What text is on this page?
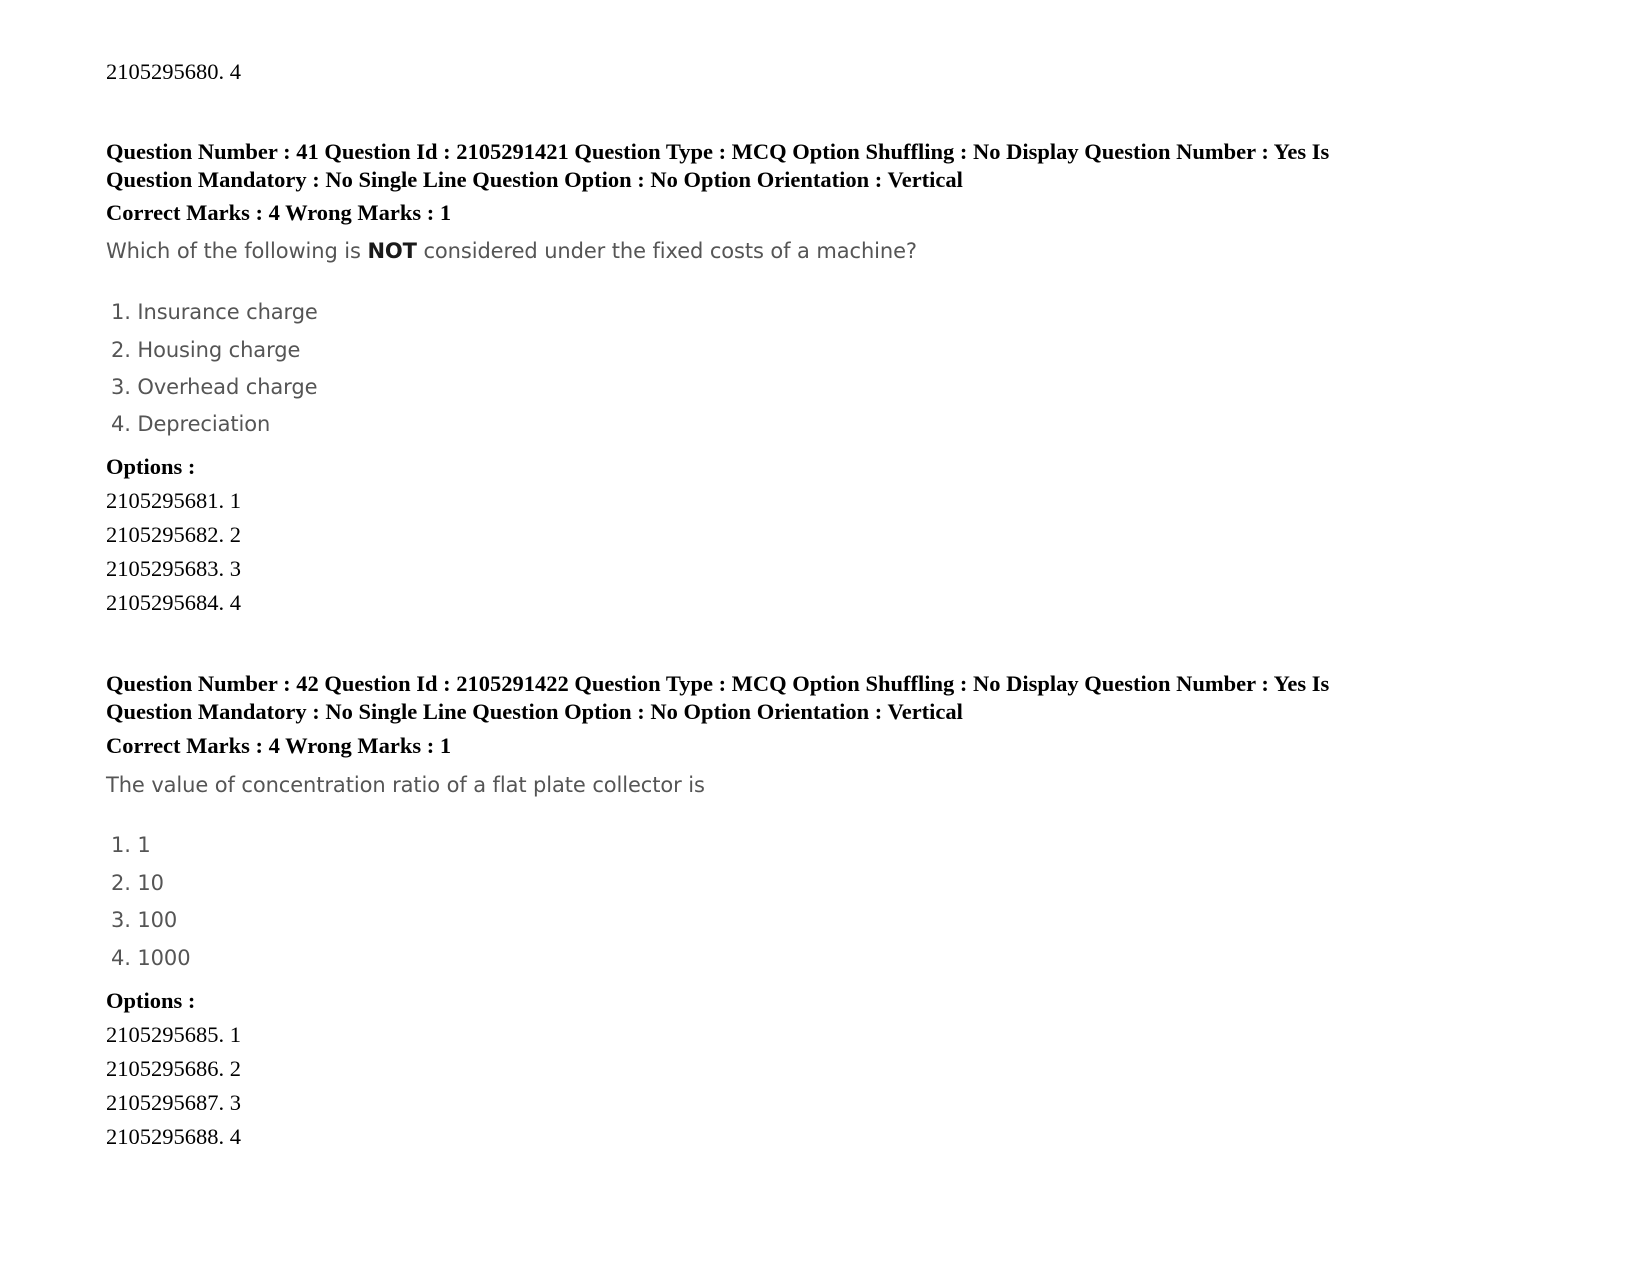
2105295680. 4
Question Number : 41 Question Id : 2105291421 Question Type : MCQ Option Shuffling : No Display Question Number : Yes Is
Question Mandatory : No Single Line Question Option : No Option Orientation : Vertical
Correct Marks : 4 Wrong Marks : 1
Which of the following is NOT considered under the fixed costs of a machine?
1. Insurance charge
2. Housing charge
3. Overhead charge
4. Depreciation
Options :
2105295681. 1
2105295682. 2
2105295683. 3
2105295684. 4
Question Number : 42 Question Id : 2105291422 Question Type : MCQ Option Shuffling : No Display Question Number : Yes Is
Question Mandatory : No Single Line Question Option : No Option Orientation : Vertical
Correct Marks : 4 Wrong Marks : 1
The value of concentration ratio of a flat plate collector is
1. 1
2. 10
3. 100
4. 1000
Options :
2105295685. 1
2105295686. 2
2105295687. 3
2105295688. 4
